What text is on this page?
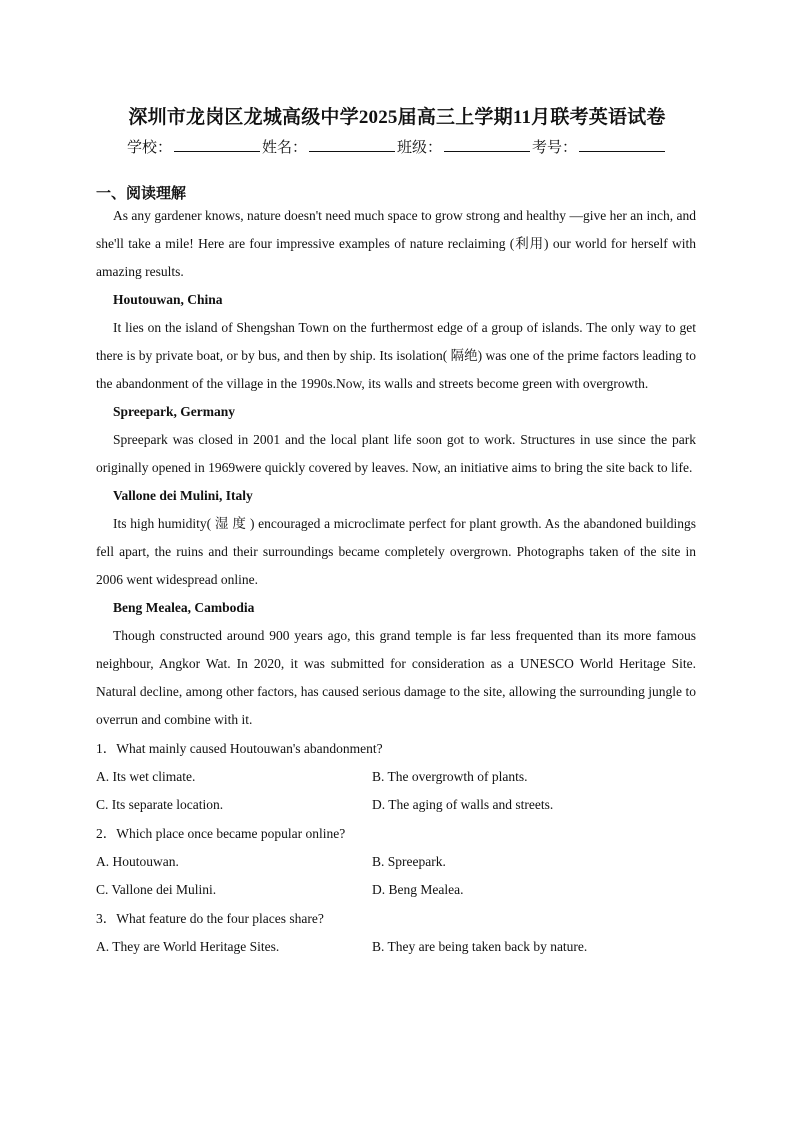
深圳市龙岗区龙城高级中学2025届高三上学期11月联考英语试卷
学校：	姓名：	班级：	考号：
一、阅读理解

As any gardener knows, nature doesn't need much space to grow strong and healthy —give her an inch, and she'll take a mile! Here are four impressive examples of nature reclaiming (利用) our world for herself with amazing results.

Houtouwan, China

It lies on the island of Shengshan Town on the furthermost edge of a group of islands. The only way to get there is by private boat, or by bus, and then by ship. Its isolation( 隔绝) was one of the prime factors leading to the abandonment of the village in the 1990s.Now, its walls and streets become green with overgrowth.

Spreepark, Germany

Spreepark was closed in 2001 and the local plant life soon got to work. Structures in use since the park originally opened in 1969were quickly covered by leaves. Now, an initiative aims to bring the site back to life.

Vallone dei Mulini, Italy

Its high humidity( 湿 度 ) encouraged a microclimate perfect for plant growth. As the abandoned buildings fell apart, the ruins and their surroundings became completely overgrown. Photographs taken of the site in 2006 went widespread online.

Beng Mealea, Cambodia

Though constructed around 900 years ago, this grand temple is far less frequented than its more famous neighbour, Angkor Wat. In 2020, it was submitted for consideration as a UNESCO World Heritage Site. Natural decline, among other factors, has caused serious damage to the site, allowing the surrounding jungle to overrun and combine with it.

1．What mainly caused Houtouwan's abandonment?

A. Its wet climate.	B. The overgrowth of plants.
C. Its separate location.	D. The aging of walls and streets.

2．Which place once became popular online?

A. Houtouwan.	B. Spreepark.
C. Vallone dei Mulini.	D. Beng Mealea.

3．What feature do the four places share?

A. They are World Heritage Sites.	B. They are being taken back by nature.
